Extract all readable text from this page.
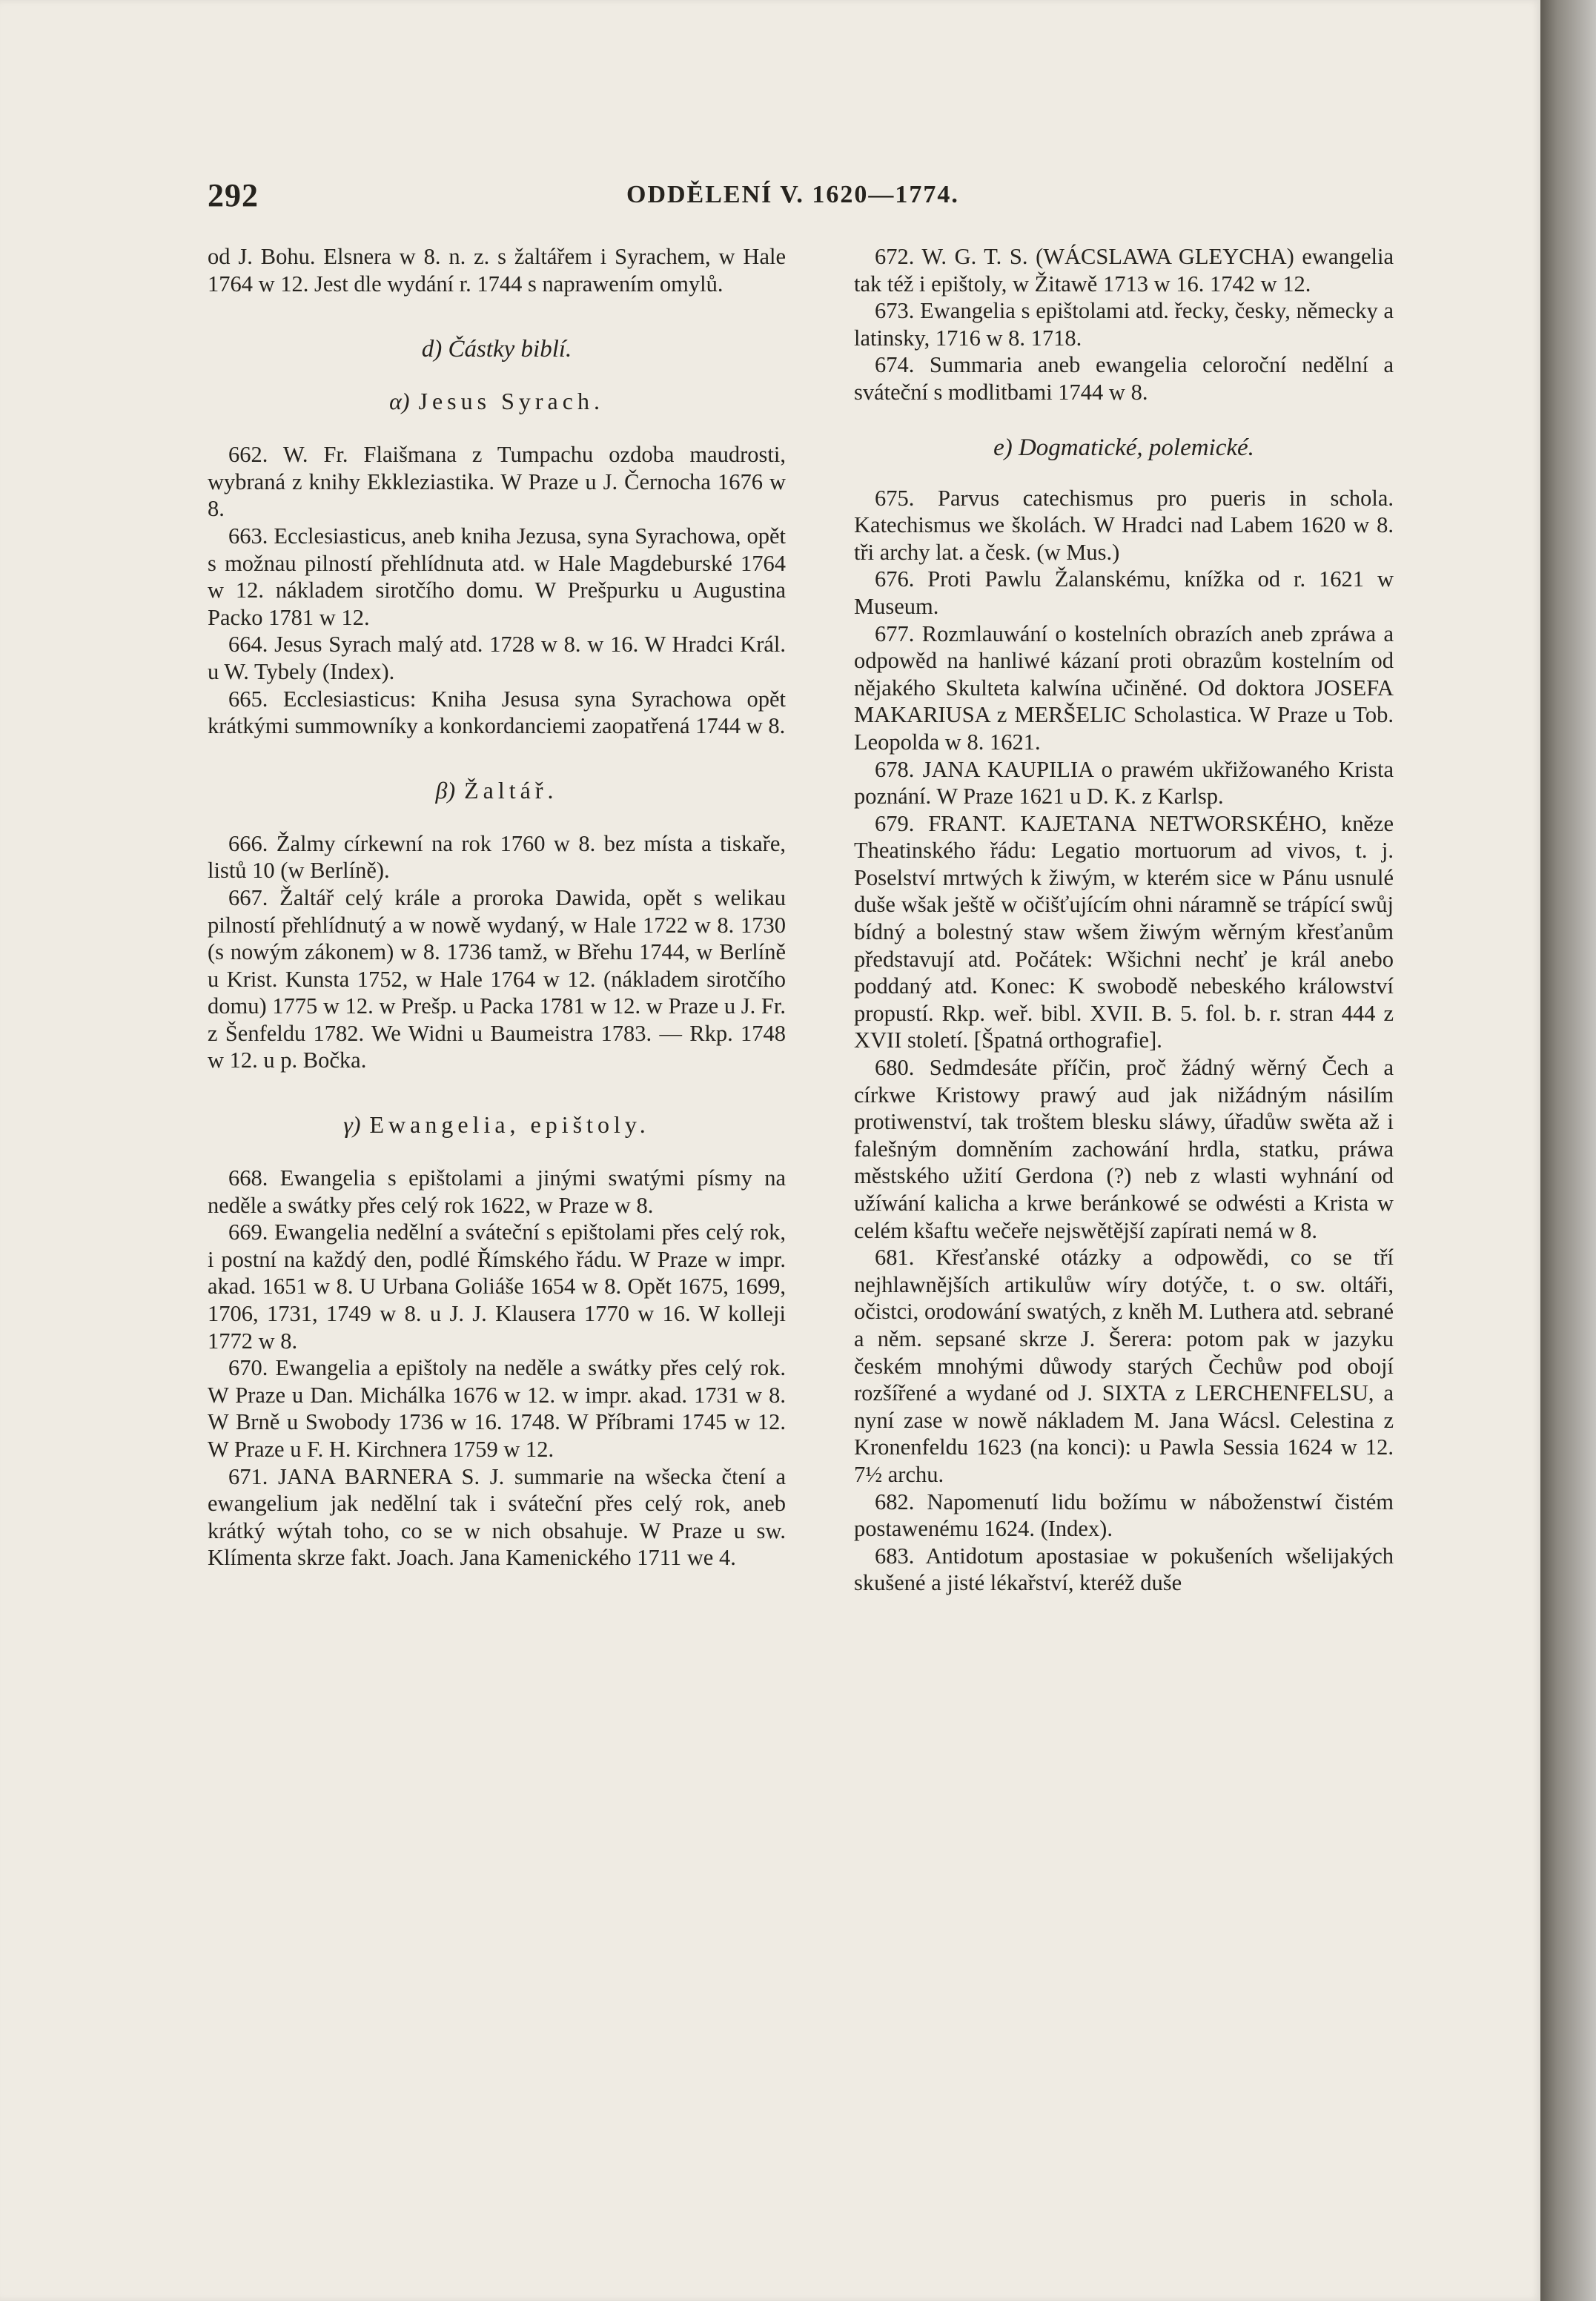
292	ODDĚLENÍ V. 1620—1774.

od J. Bohu. Elsnera w 8. n. z. s žaltářem i Syrachem, w Hale 1764 w 12. Jest dle wydání r. 1744 s naprawením omylů.

d) Částky biblí.
α) Jesus Syrach.

662. W. Fr. Flaišmana z Tumpachu ozdoba maudrosti, wybraná z knihy Ekkleziastika. W Praze u J. Černocha 1676 w 8.

663. Ecclesiasticus, aneb kniha Jezusa, syna Syrachowa, opět s možnau pilností přehlídnuta atd. w Hale Magdeburské 1764 w 12. nákladem sirotčího domu. W Prešpurku u Augustina Packo 1781 w 12.

664. Jesus Syrach malý atd. 1728 w 8. w 16. W Hradci Král. u W. Tybely (Index).

665. Ecclesiasticus: Kniha Jesusa syna Syrachowa opět krátkými summowníky a konkordanciemi zaopatřená 1744 w 8.

β) Žaltář.

666. Žalmy církewní na rok 1760 w 8. bez místa a tiskaře, listů 10 (w Berlíně).

667. Žaltář celý krále a proroka Dawida, opět s welikau pilností přehlídnutý a w nowě wydaný, w Hale 1722 w 8. 1730 (s nowým zákonem) w 8. 1736 tamž, w Břehu 1744, w Berlíně u Krist. Kunsta 1752, w Hale 1764 w 12. (nákladem sirotčího domu) 1775 w 12. w Prešp. u Packa 1781 w 12. w Praze u J. Fr. z Šenfeldu 1782. We Widni u Baumeistra 1783. — Rkp. 1748 w 12. u p. Bočka.

γ) Ewangelia, epištoly.

668. Ewangelia s epištolami a jinými swatými písmy na neděle a swátky přes celý rok 1622, w Praze w 8.

669. Ewangelia nedělní a sváteční s epištolami přes celý rok, i postní na každý den, podlé Římského řádu. W Praze w impr. akad. 1651 w 8. U Urbana Goliáše 1654 w 8. Opět 1675, 1699, 1706, 1731, 1749 w 8. u J. J. Klausera 1770 w 16. W kolleji 1772 w 8.

670. Ewangelia a epištoly na neděle a swátky přes celý rok. W Praze u Dan. Michálka 1676 w 12. w impr. akad. 1731 w 8. W Brně u Swobody 1736 w 16. 1748. W Příbrami 1745 w 12. W Praze u F. H. Kirchnera 1759 w 12.

671. JANA BARNERA S. J. summarie na wšecka čtení a ewangelium jak nedělní tak i sváteční přes celý rok, aneb krátký wýtah toho, co se w nich obsahuje. W Praze u sw. Klímenta skrze fakt. Joach. Jana Kamenického 1711 we 4.

672. W. G. T. S. (WÁCSLAWA GLEYCHA) ewangelia tak též i epištoly, w Žitawě 1713 w 16. 1742 w 12.

673. Ewangelia s epištolami atd. řecky, česky, německy a latinsky, 1716 w 8. 1718.

674. Summaria aneb ewangelia celoroční nedělní a sváteční s modlitbami 1744 w 8.

e) Dogmatické, polemické.

675. Parvus catechismus pro pueris in schola. Katechismus we školách. W Hradci nad Labem 1620 w 8. tři archy lat. a česk. (w Mus.)

676. Proti Pawlu Žalanskému, knížka od r. 1621 w Museum.

677. Rozmlauwání o kostelních obrazích aneb zpráwa a odpowěd na hanliwé kázaní proti obrazům kostelním od nějakého Skulteta kalwína učiněné. Od doktora JOSEFA MAKARIUSA z MERŠELIC Scholastica. W Praze u Tob. Leopolda w 8. 1621.

678. JANA KAUPILIA o prawém ukřižowaného Krista poznání. W Praze 1621 u D. K. z Karlsp.

679. FRANT. KAJETANA NETWORSKÉHO, kněze Theatinského řádu: Legatio mortuorum ad vivos, t. j. Poselství mrtwých k žiwým, w kterém sice w Pánu usnulé duše wšak ještě w očišťujícím ohni náramně se trápící swůj bídný a bolestný staw wšem žiwým wěrným křesťanům představují atd. Počátek: Wšichni nechť je král anebo poddaný atd. Konec: K swobodě nebeského králowství propustí. Rkp. weř. bibl. XVII. B. 5. fol. b. r. stran 444 z XVII století. [Špatná orthografie].

680. Sedmdesáte příčin, proč žádný wěrný Čech a církwe Kristowy prawý aud jak nižádným násilím protiwenství, tak troštem blesku sláwy, úřadůw swěta až i falešným domněním zachowání hrdla, statku, práwa městského užití Gerdona (?) neb z wlasti wyhnání od užíwání kalicha a krwe beránkowé se odwésti a Krista w celém kšaftu wečeře nejswětější zapírati nemá w 8.

681. Křesťanské otázky a odpowědi, co se tří nejhlawnějších artikulůw wíry dotýče, t. o sw. oltáři, očistci, orodowání swatých, z kněh M. Luthera atd. sebrané a něm. sepsané skrze J. Šerera: potom pak w jazyku českém mnohými důwody starých Čechůw pod obojí rozšířené a wydané od J. SIXTA z LERCHENFELSU, a nyní zase w nowě nákladem M. Jana Wácsl. Celestina z Kronenfeldu 1623 (na konci): u Pawla Sessia 1624 w 12. 7½ archu.

682. Napomenutí lidu božímu w náboženstwí čistém postawenému 1624. (Index).

683. Antidotum apostasiae w pokušeních wšelijakých skušené a jisté lékařství, kteréž duše
